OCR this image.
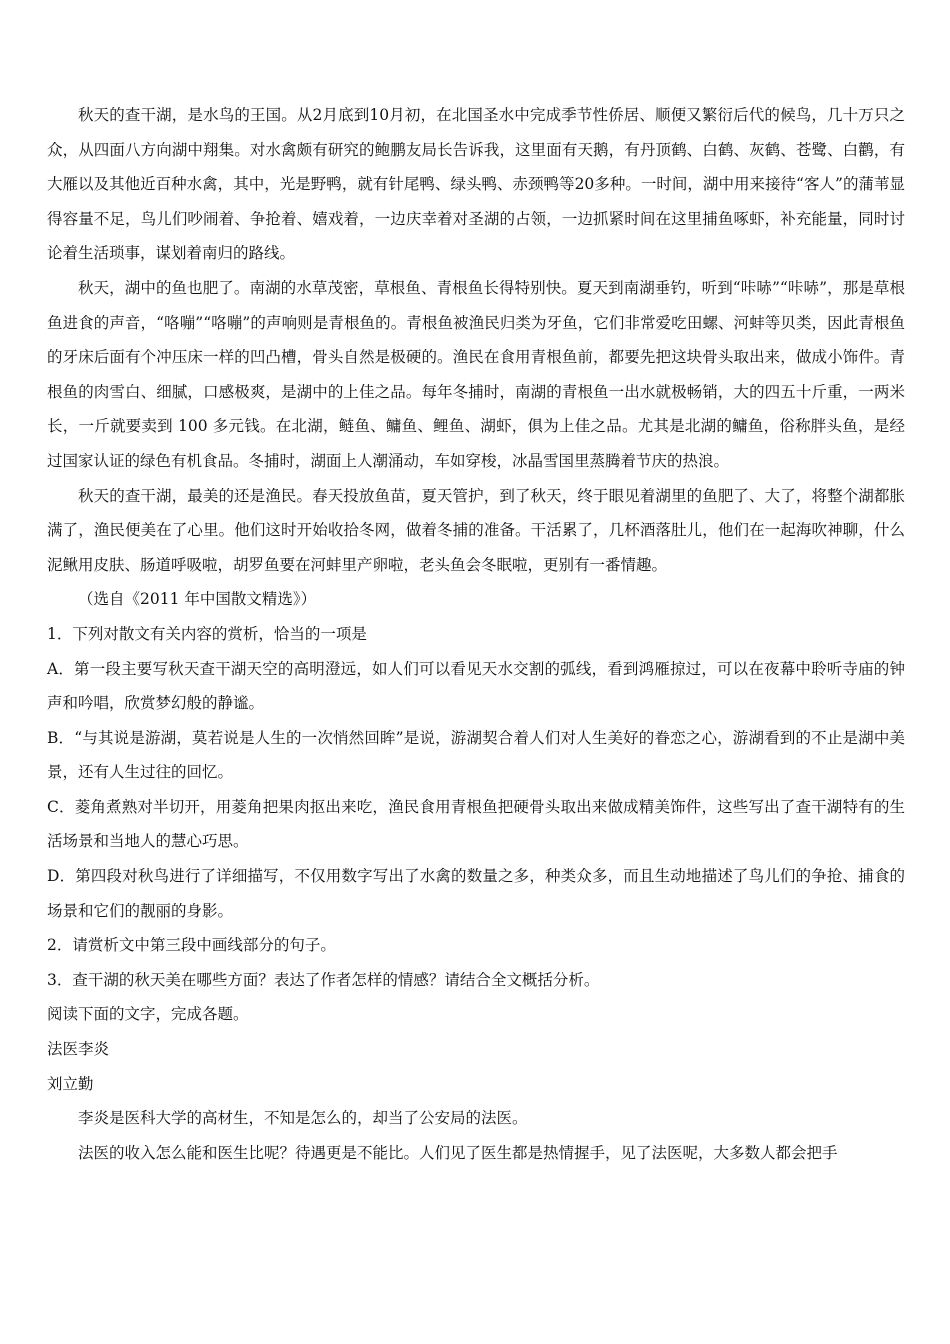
秋天的查干湖，是水鸟的王国。从2月底到10月初，在北国圣水中完成季节性侨居、顺便又繁衍后代的候鸟，几十万只之众，从四面八方向湖中翔集。对水禽颇有研究的鲍鹏友局长告诉我，这里面有天鹅，有丹顶鹤、白鹤、灰鹤、苍鹭、白鹳，有大雁以及其他近百种水禽，其中，光是野鸭，就有针尾鸭、绿头鸭、赤颈鸭等20多种。一时间，湖中用来接待“客人”的蒲苇显得容量不足，鸟儿们吵闹着、争抢着、嬉戏着，一边庆幸着对圣湖的占领，一边抓紧时间在这里捕鱼啄虾，补充能量，同时讨论着生活琐事，谋划着南归的路线。

秋天，湖中的鱼也肥了。南湖的水草茂密，草根鱼、青根鱼长得特别快。夏天到南湖垂钓，听到“咔哧”“咔哧”，那是草根鱼进食的声音，“咯嘣”“咯嘣”的声响则是青根鱼的。青根鱼被渔民归类为牙鱼，它们非常爱吃田螺、河蚌等贝类，因此青根鱼的牙床后面有个冲压床一样的凹凸槽，骨头自然是极硬的。渔民在食用青根鱼前，都要先把这块骨头取出来，做成小饰件。青根鱼的肉雪白、细腻，口感极爽，是湖中的上佳之品。每年冬捕时，南湖的青根鱼一出水就极畅销，大的四五十斤重，一两米长，一斤就要卖到 100 多元钱。在北湖，鲢鱼、鳙鱼、鲤鱼、湖虾，俱为上佳之品。尤其是北湖的鳙鱼，俗称胖头鱼，是经过国家认证的绿色有机食品。冬捕时，湖面上人潮涌动，车如穿梭，冰晶雪国里蒸腾着节庆的热浪。

秋天的查干湖，最美的还是渔民。春天投放鱼苗，夏天管护，到了秋天，终于眼见着湖里的鱼肥了、大了，将整个湖都胀满了，渔民便美在了心里。他们这时开始收拾冬网，做着冬捕的准备。干活累了，几杯酒落肚儿，他们在一起海吹神聊，什么泥鳅用皮肤、肠道呼吸啦，胡罗鱼要在河蚌里产卵啦，老头鱼会冬眠啦，更别有一番情趣。

（选自《2011 年中国散文精选》）

1．下列对散文有关内容的赏析，恰当的一项是

A．第一段主要写秋天查干湖天空的高明澄远，如人们可以看见天水交割的弧线，看到鸿雁掠过，可以在夜幕中聆听寺庙的钟声和吟唱，欣赏梦幻般的静谧。

B．“与其说是游湖，莫若说是人生的一次悄然回眸”是说，游湖契合着人们对人生美好的眷恋之心，游湖看到的不止是湖中美景，还有人生过往的回忆。

C．菱角煮熟对半切开，用菱角把果肉抠出来吃，渔民食用青根鱼把硬骨头取出来做成精美饰件，这些写出了查干湖特有的生活场景和当地人的慧心巧思。

D．第四段对秋鸟进行了详细描写，不仅用数字写出了水禽的数量之多，种类众多，而且生动地描述了鸟儿们的争抢、捕食的场景和它们的靓丽的身影。

2．请赏析文中第三段中画线部分的句子。

3．查干湖的秋天美在哪些方面？表达了作者怎样的情感？请结合全文概括分析。

阅读下面的文字，完成各题。

法医李炎

刘立勤

李炎是医科大学的高材生，不知是怎么的，却当了公安局的法医。

法医的收入怎么能和医生比呢？待遇更是不能比。人们见了医生都是热情握手，见了法医呢，大多数人都会把手
